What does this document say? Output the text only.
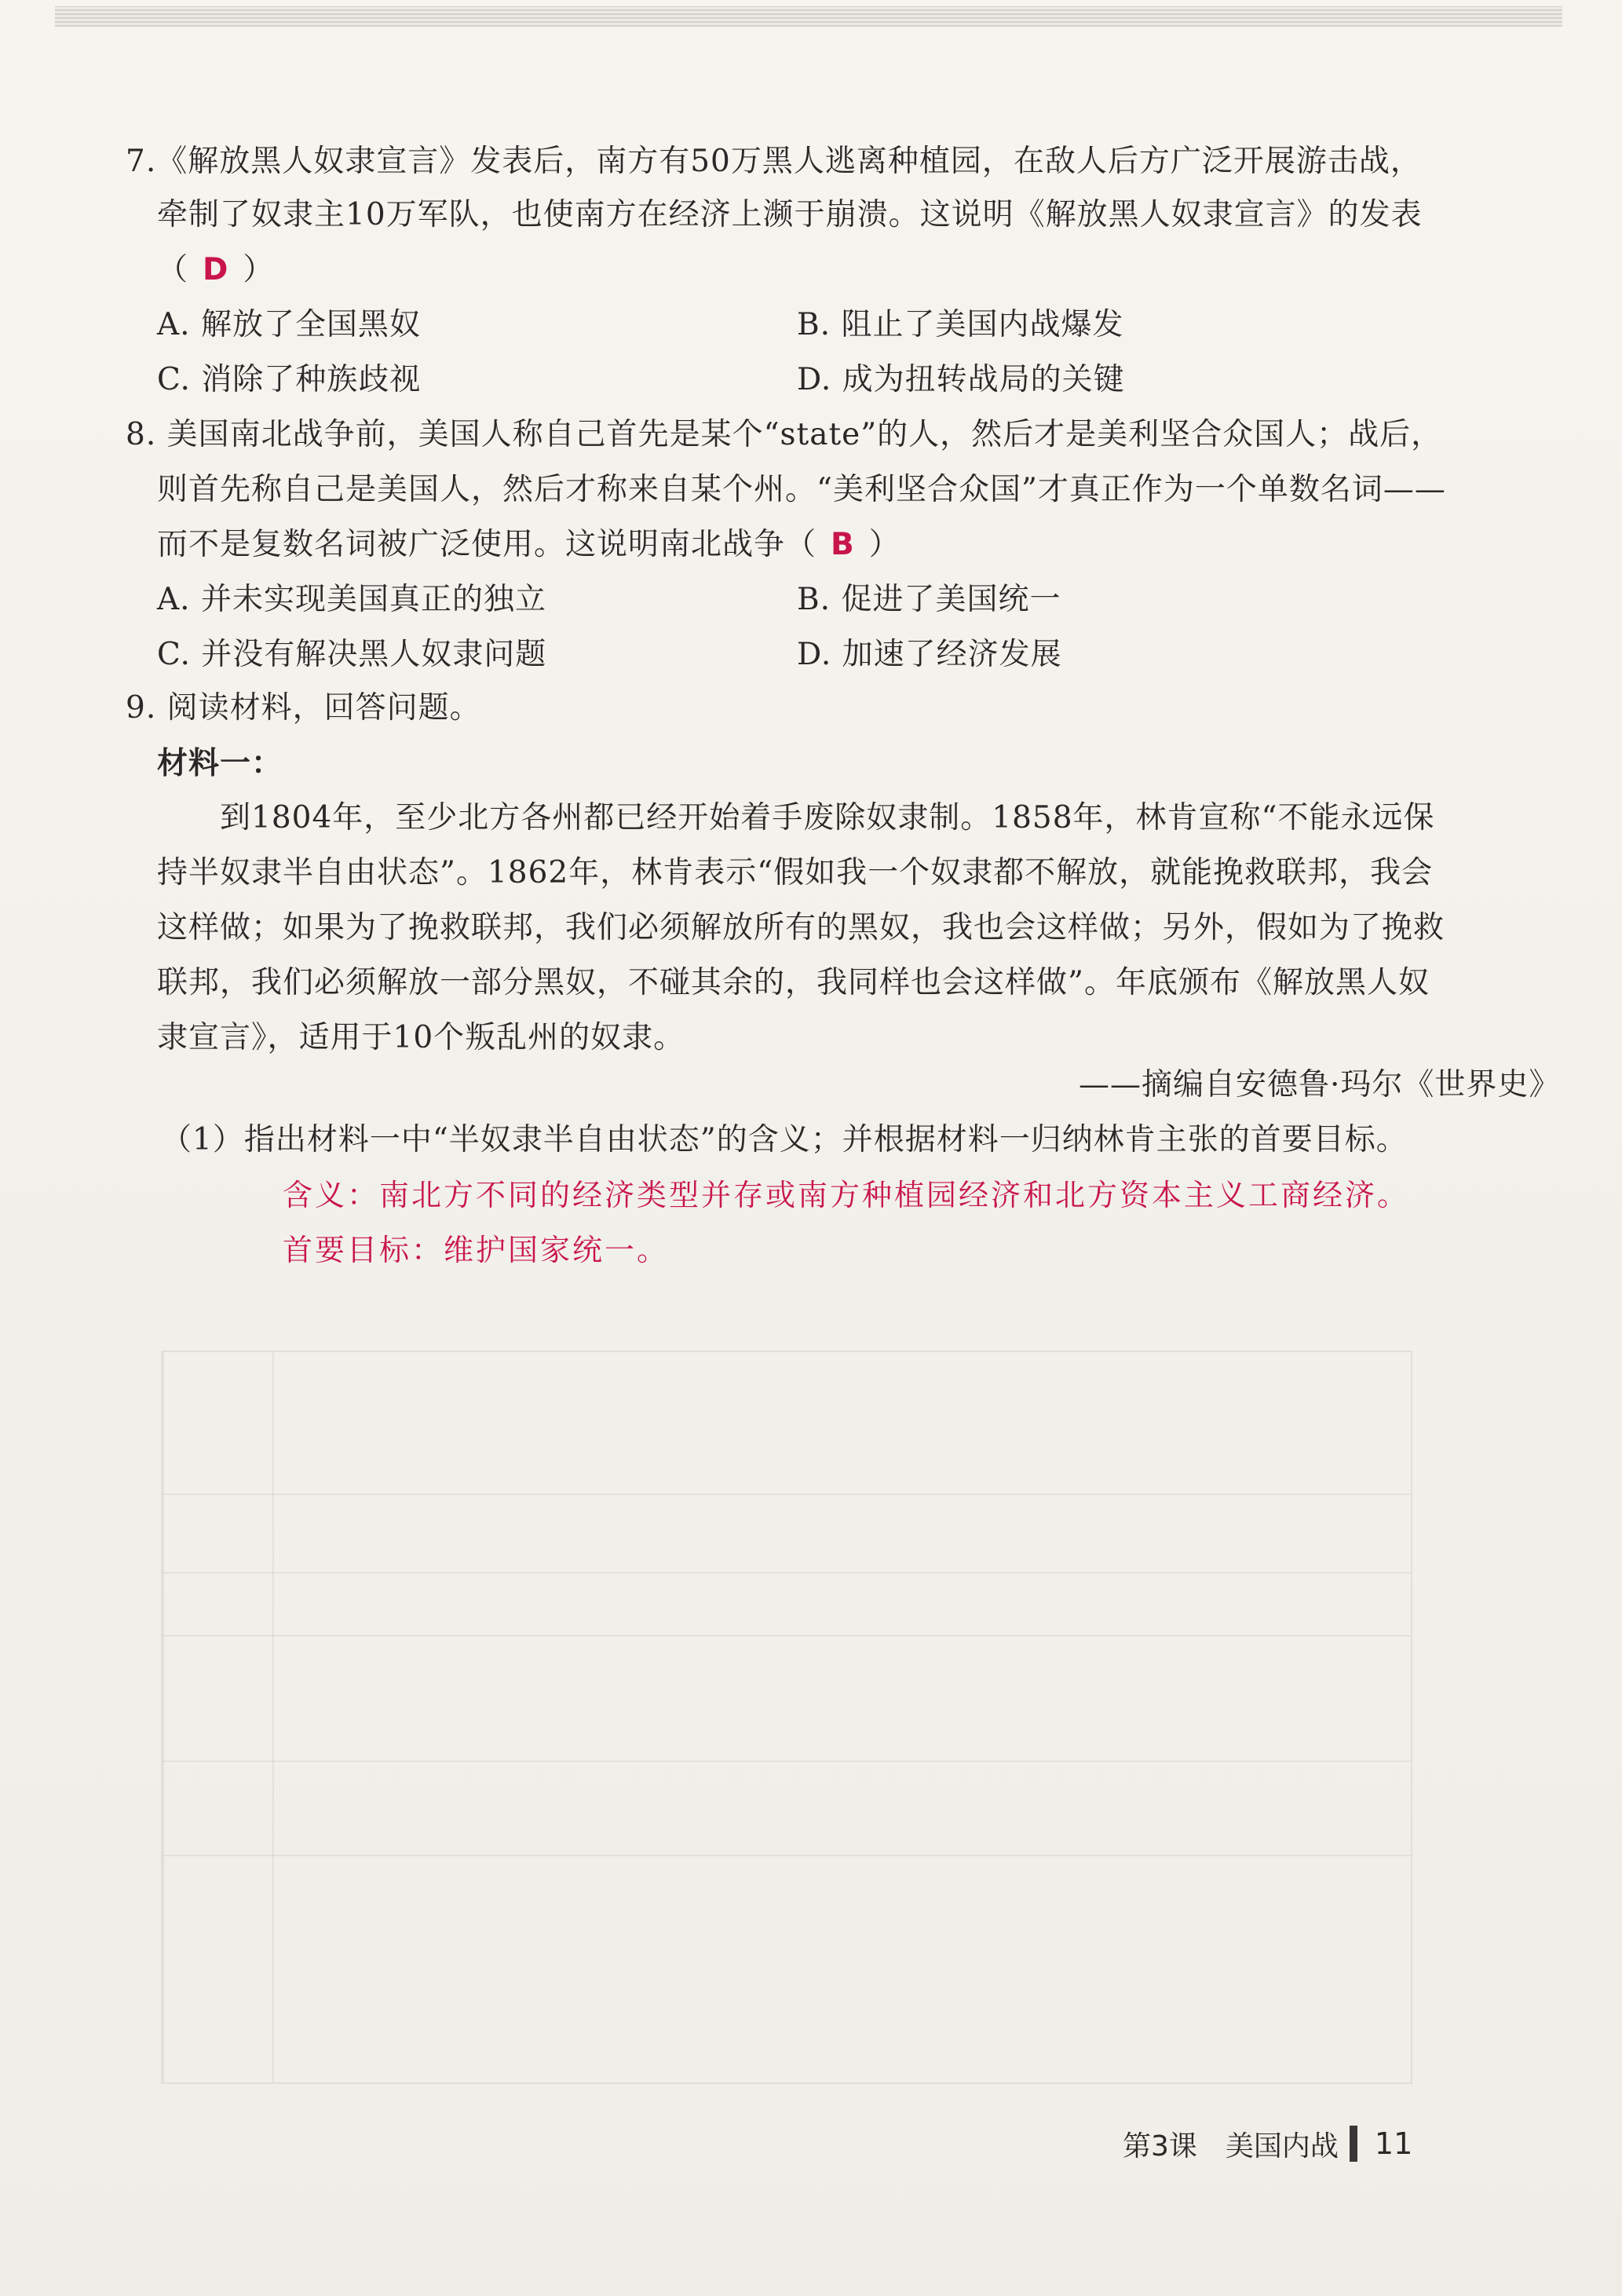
7.《解放黑人奴隶宣言》发表后，南方有50万黑人逃离种植园，在敌人后方广泛开展游击战，
牵制了奴隶主10万军队，也使南方在经济上濒于崩溃。这说明《解放黑人奴隶宣言》的发表
（ D ）
A. 解放了全国黑奴	B. 阻止了美国内战爆发
C. 消除了种族歧视	D. 成为扭转战局的关键
8. 美国南北战争前，美国人称自己首先是某个“state”的人，然后才是美利坚合众国人；战后，
则首先称自己是美国人，然后才称来自某个州。“美利坚合众国”才真正作为一个单数名词——
而不是复数名词被广泛使用。这说明南北战争（ B ）
A. 并未实现美国真正的独立	B. 促进了美国统一
C. 并没有解决黑人奴隶问题	D. 加速了经济发展
9. 阅读材料，回答问题。
材料一：
到1804年，至少北方各州都已经开始着手废除奴隶制。1858年，林肯宣称“不能永远保
持半奴隶半自由状态”。1862年，林肯表示“假如我一个奴隶都不解放，就能挽救联邦，我会
这样做；如果为了挽救联邦，我们必须解放所有的黑奴，我也会这样做；另外，假如为了挽救
联邦，我们必须解放一部分黑奴，不碰其余的，我同样也会这样做”。年底颁布《解放黑人奴
隶宣言》，适用于10个叛乱州的奴隶。
——摘编自安德鲁·玛尔《世界史》
（1）指出材料一中“半奴隶半自由状态”的含义；并根据材料一归纳林肯主张的首要目标。
含义：南北方不同的经济类型并存或南方种植园经济和北方资本主义工商经济。
首要目标：维护国家统一。
第3课　美国内战 11
